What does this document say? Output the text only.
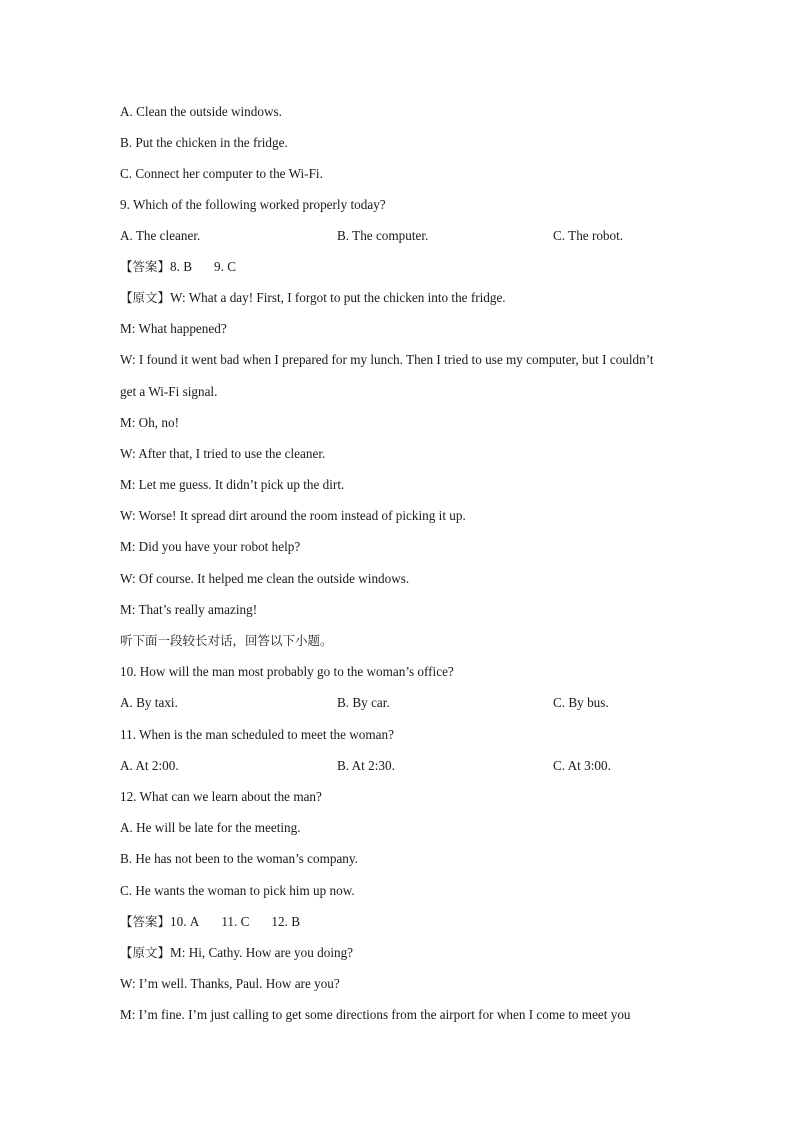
A. Clean the outside windows.
B. Put the chicken in the fridge.
C. Connect her computer to the Wi-Fi.
9. Which of the following worked properly today?
A. The cleaner.	B. The computer.	C. The robot.
【答案】8. B 9. C
【原文】W: What a day! First, I forgot to put the chicken into the fridge.
M: What happened?
W: I found it went bad when I prepared for my lunch. Then I tried to use my computer, but I couldn’t
get a Wi-Fi signal.
M: Oh, no!
W: After that, I tried to use the cleaner.
M: Let me guess. It didn’t pick up the dirt.
W: Worse! It spread dirt around the room instead of picking it up.
M: Did you have your robot help?
W: Of course. It helped me clean the outside windows.
M: That’s really amazing!
听下面一段较长对话，回答以下小题。
10. How will the man most probably go to the woman’s office?
A. By taxi.	B. By car.	C. By bus.
11. When is the man scheduled to meet the woman?
A. At 2:00.	B. At 2:30.	C. At 3:00.
12. What can we learn about the man?
A. He will be late for the meeting.
B. He has not been to the woman’s company.
C. He wants the woman to pick him up now.
【答案】10. A 11. C 12. B
【原文】M: Hi, Cathy. How are you doing?
W: I’m well. Thanks, Paul. How are you?
M: I’m fine. I’m just calling to get some directions from the airport for when I come to meet you
